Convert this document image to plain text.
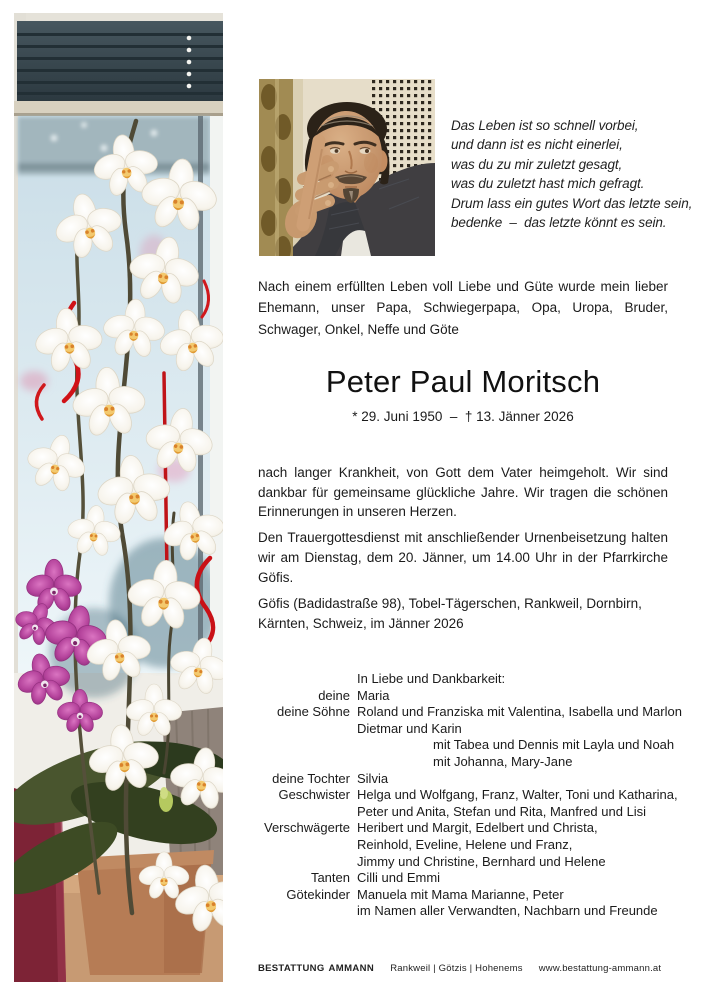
Das Leben ist so schnell vorbei,
und dann ist es nicht einerlei,
was du zu mir zuletzt gesagt,
was du zuletzt hast mich gefragt.
Drum lass ein gutes Wort das letzte sein,
bedenke  –  das letzte könnt es sein.

Nach einem erfüllten Leben voll Liebe und Güte wurde mein lieber Ehemann, unser Papa, Schwiegerpapa, Opa, Uropa, Bruder, Schwager, Onkel, Neffe und Göte

Peter Paul Moritsch
* 29. Juni 1950  –  † 13. Jänner 2026

nach langer Krankheit, von Gott dem Vater heimgeholt. Wir sind dankbar für gemeinsame glückliche Jahre. Wir tragen die schönen Erinnerungen in unseren Herzen.

Den Trauergottesdienst mit anschließender Urnenbeisetzung halten wir am Dienstag, dem 20. Jänner, um 14.00 Uhr in der Pfarrkirche Göfis.

Göfis (Badidastraße 98), Tobel-Tägerschen, Rankweil, Dornbirn, Kärnten, Schweiz, im Jänner 2026

In Liebe und Dankbarkeit:
deine Maria
deine Söhne Roland und Franziska mit Valentina, Isabella und Marlon
Dietmar und Karin
mit Tabea und Dennis mit Layla und Noah
mit Johanna, Mary-Jane
deine Tochter Silvia
Geschwister Helga und Wolfgang, Franz, Walter, Toni und Katharina,
Peter und Anita, Stefan und Rita, Manfred und Lisi
Verschwägerte Heribert und Margit, Edelbert und Christa,
Reinhold, Eveline, Helene und Franz,
Jimmy und Christine, Bernhard und Helene
Tanten Cilli und Emmi
Götekinder Manuela mit Mama Marianne, Peter
im Namen aller Verwandten, Nachbarn und Freunde
BESTATTUNG AMMANN Rankweil | Götzis | Hohenems www.bestattung-ammann.at
